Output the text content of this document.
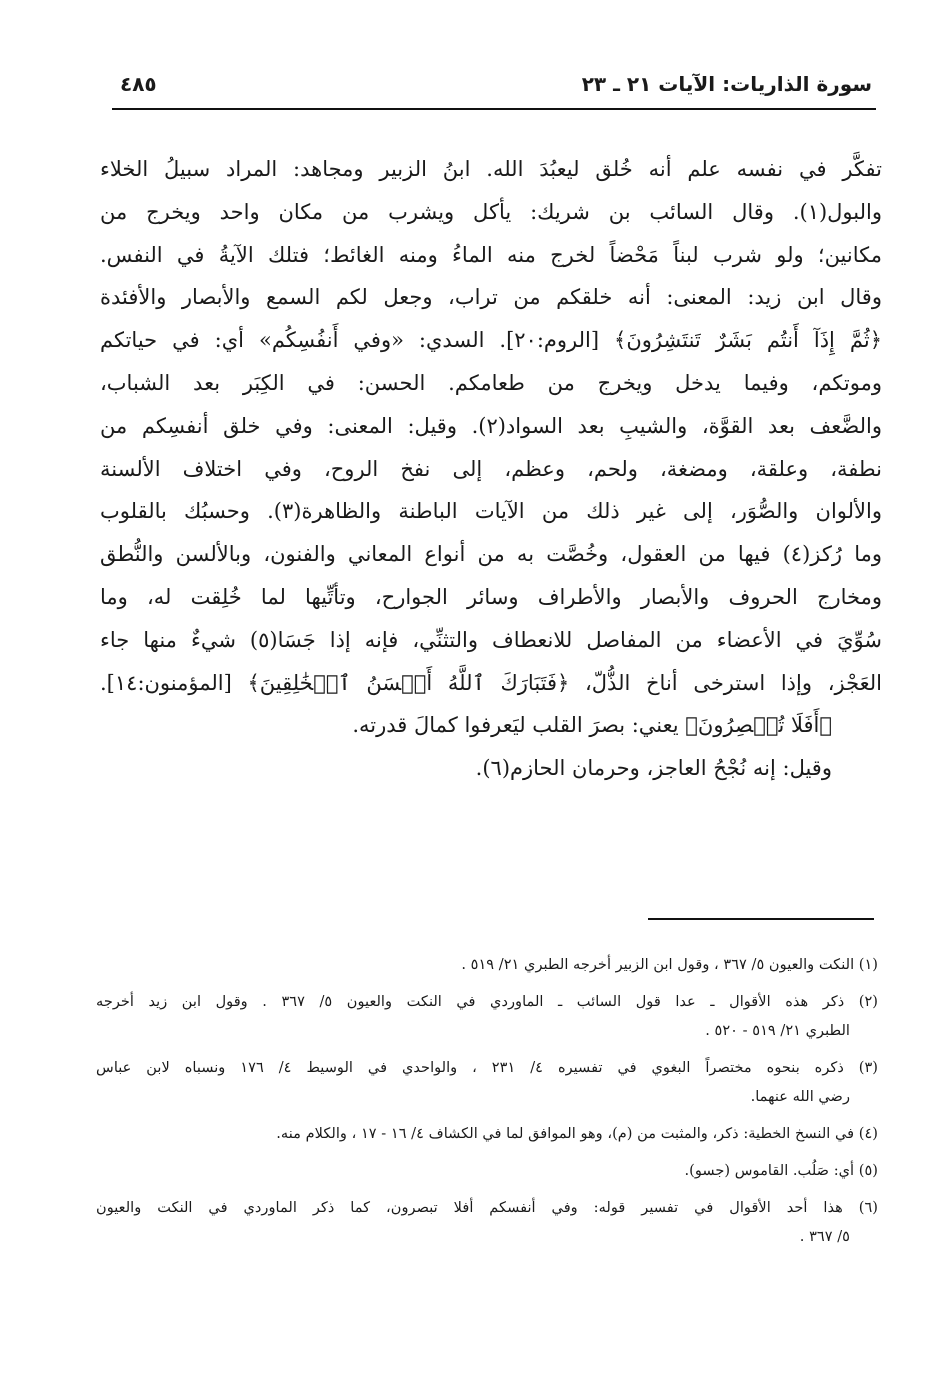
سورة الذاريات: الآيات ٢١ ـ ٢٣
٤٨٥
تفكَّر في نفسه علم أنه خُلق ليعبُدَ الله. ابنُ الزبير ومجاهد: المراد سبيلُ الخلاء
والبول(١). وقال السائب بن شريك: يأكل ويشرب من مكان واحد ويخرج من
مكانين؛ ولو شرب لبناً مَحْضاً لخرج منه الماءُ ومنه الغائط؛ فتلك الآيةُ في النفس.
وقال ابن زيد: المعنى: أنه خلقكم من تراب، وجعل لكم السمع والأبصار والأفئدة
﴿ثُمَّ إِذَآ أَنتُم بَشَرٌ تَنتَشِرُونَ﴾ [الروم:٢٠]. السدي: «وفي أَنفُسِكُم» أي: في حياتكم
وموتكم، وفيما يدخل ويخرج من طعامكم. الحسن: في الكِبَر بعد الشباب،
والضَّعف بعد القوَّة، والشيبِ بعد السواد(٢). وقيل: المعنى: وفي خلق أنفسِكم من
نطفة، وعلقة، ومضغة، ولحم، وعظم، إلى نفخ الروح، وفي اختلاف الألسنة
والألوان والصُّوَر، إلى غير ذلك من الآيات الباطنة والظاهرة(٣). وحسبُك بالقلوب
وما رُكز(٤) فيها من العقول، وخُصَّت به من أنواع المعاني والفنون، وبالألسن والنُّطق
ومخارج الحروف والأبصار والأطراف وسائر الجوارح، وتأتِّيها لما خُلِقت له، وما
سُوِّيَ في الأعضاء من المفاصل للانعطاف والتثنِّي، فإنه إذا جَسَا(٥) شيءٌ منها جاء
العَجْز، وإذا استرخى أناخ الذُّلّ، ﴿فَتَبَارَكَ ٱللَّهُ أَحۡسَنُ ٱلۡخَٰلِقِينَ﴾ [المؤمنون:١٤].
﴿أَفَلَا تُبۡصِرُونَ﴾ يعني: بصرَ القلب ليَعرفوا كمالَ قدرته.
وقيل: إنه نُجْحُ العاجز، وحرمان الحازم(٦).
(١) النكت والعيون ٥/ ٣٦٧ ، وقول ابن الزبير أخرجه الطبري ٢١/ ٥١٩ .
(٢) ذكر هذه الأقوال ـ عدا قول السائب ـ الماوردي في النكت والعيون ٥/ ٣٦٧ . وقول ابن زيد أخرجه
الطبري ٢١/ ٥١٩ - ٥٢٠ .
(٣) ذكره بنحوه مختصراً البغوي في تفسيره ٤/ ٢٣١ ، والواحدي في الوسيط ٤/ ١٧٦ ونسباه لابن عباس
رضي الله عنهما.
(٤) في النسخ الخطية: ذكر، والمثبت من (م)، وهو الموافق لما في الكشاف ٤/ ١٦ - ١٧ ، والكلام منه.
(٥) أي: صَلُب. القاموس (جسو).
(٦) هذا أحد الأقوال في تفسير قوله: وفي أنفسكم أفلا تبصرون، كما ذكر الماوردي في النكت والعيون
٥/ ٣٦٧ .
